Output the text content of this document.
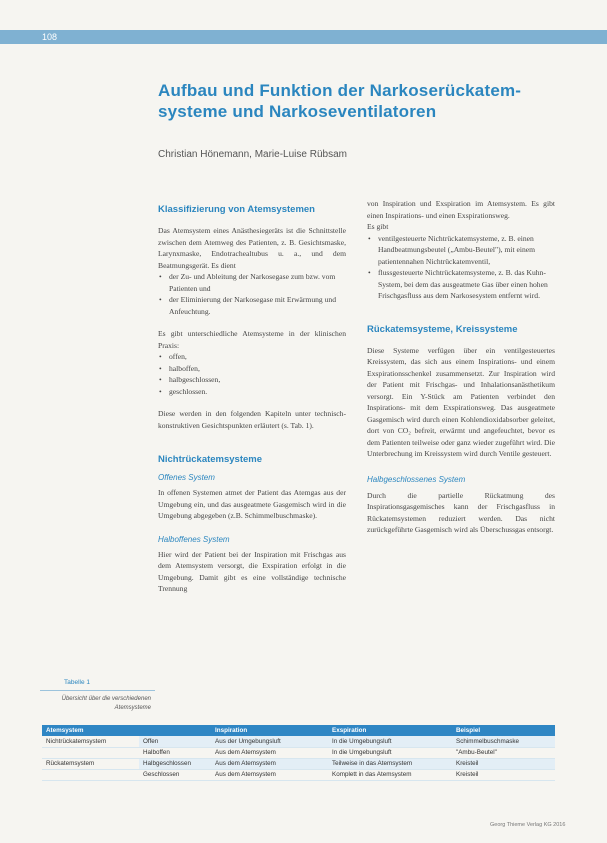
108
Aufbau und Funktion der Narkoserückatem-
systeme und Narkoseventilatoren
Christian Hönemann, Marie-Luise Rübsam
Klassifizierung von Atemsystemen

Das Atemsystem eines Anästhesiegeräts ist die Schnittstelle zwischen dem Atemweg des Patienten, z. B. Gesichtsmaske, Larynxmaske, Endotrachealtubus u. a., und dem Beatmungsgerät. Es dient

• der Zu- und Ableitung der Narkosegase zum bzw. vom Patienten und
• der Eliminierung der Narkosegase mit Erwärmung und Anfeuchtung.

Es gibt unterschiedliche Atemsysteme in der klinischen Praxis:

• offen,
• halboffen,
• halbgeschlossen,
• geschlossen.

Diese werden in den folgenden Kapiteln unter technisch-konstruktiven Gesichtspunkten erläutert (s. Tab. 1).

Nichtrückatemsysteme
Offenes System

In offenen Systemen atmet der Patient das Atemgas aus der Umgebung ein, und das ausgeatmete Gasgemisch wird in die Umgebung abgegeben (z.B. Schimmelbuschmaske).

Halboffenes System

Hier wird der Patient bei der Inspiration mit Frischgas aus dem Atemsystem versorgt, die Exspiration erfolgt in die Umgebung. Damit gibt es eine vollständige technische Trennung

von Inspiration und Exspiration im Atemsystem. Es gibt einen Inspirations- und einen Exspirationsweg.

Es gibt

• ventilgesteuerte Nichtrückatemsysteme, z. B. einen Handbeatmungsbeutel („Ambu-Beutel"), mit einem patientennahen Nichtrückatemventil,
• flussgesteuerte Nichtrückatemsysteme, z. B. das Kuhn-System, bei dem das ausgeatmete Gas über einen hohen Frischgasfluss aus dem Narkosesystem entfernt wird.
Rückatemsysteme, Kreissysteme

Diese Systeme verfügen über ein ventilgesteuertes Kreissystem, das sich aus einem Inspirations- und einem Exspirationsschenkel zusammensetzt. Zur Inspiration wird der Patient mit Frischgas- und Inhalationsanästhetikum versorgt. Ein Y-Stück am Patienten verbindet den Inspirations- mit dem Exspirationsweg. Das ausgeatmete Gasgemisch wird durch einen Kohlendioxidabsorber geleitet, dort von CO₂ befreit, erwärmt und angefeuchtet, bevor es dem Patienten teilweise oder ganz wieder zugeführt wird. Die Unterbrechung im Kreissystem wird durch Ventile gesteuert.

Halbgeschlossenes System

Durch die partielle Rückatmung des Inspirationsgasgemisches kann der Frischgasfluss in Rückatemsystemen reduziert werden. Das nicht zurückgeführte Gasgemisch wird als Überschussgas entsorgt.

Tabelle 1
Übersicht über die verschiedenen Atemsysteme
Atemsystem		Inspiration	Exspiration	Beispiel
Nichtrückatemsystem	Offen	Aus der Umgebungsluft	In die Umgebungsluft	Schimmelbuschmaske
	Halboffen	Aus dem Atemsystem	In die Umgebungsluft	"Ambu-Beutel"
Rückatemsystem	Halbgeschlossen	Aus dem Atemsystem	Teilweise in das Atemsystem	Kreisteil
	Geschlossen	Aus dem Atemsystem	Komplett in das Atemsystem	Kreisteil
Georg Thieme Verlag KG 2016
